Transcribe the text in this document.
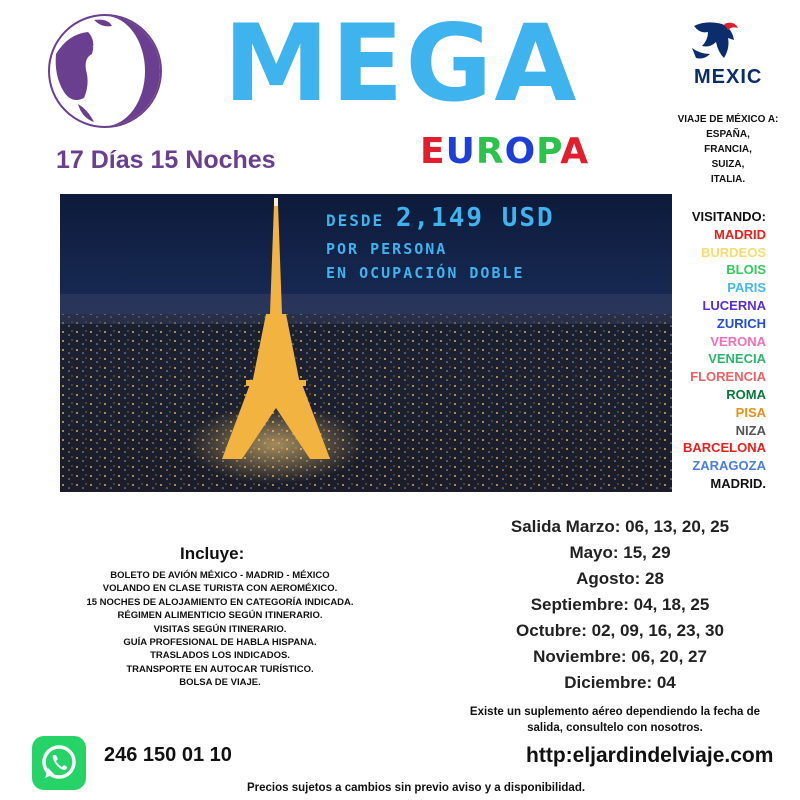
Jardín
del
Viaje MEGA
EUROPA
17 Días 15 Noches
MEXIC
VIAJE DE MÉXICO A:
ESPAÑA,
FRANCIA,
SUIZA,
ITALIA.
DESDE 2,149 USD
POR PERSONA
EN OCUPACIÓN DOBLE
VISITANDO:
MADRID
BURDEOS
BLOIS
PARIS
LUCERNA
ZURICH
VERONA
VENECIA
FLORENCIA
ROMA
PISA
NIZA
BARCELONA
ZARAGOZA
MADRID.
Incluye:
BOLETO DE AVIÓN MÉXICO - MADRID - MÉXICO
VOLANDO EN CLASE TURISTA CON AEROMÉXICO.
15 NOCHES DE ALOJAMIENTO EN CATEGORÍA INDICADA.
RÉGIMEN ALIMENTICIO SEGÚN ITINERARIO.
VISITAS SEGÚN ITINERARIO.
GUÍA PROFESIONAL DE HABLA HISPANA.
TRASLADOS LOS INDICADOS.
TRANSPORTE EN AUTOCAR TURÍSTICO.
BOLSA DE VIAJE.
Salida Marzo: 06, 13, 20, 25
Mayo: 15, 29
Agosto: 28
Septiembre: 04, 18, 25
Octubre: 02, 09, 16, 23, 30
Noviembre: 06, 20, 27
Diciembre: 04
Existe un suplemento aéreo dependiendo la fecha de
salida, consultelo con nosotros.
246 150 01 10	http:eljardindelviaje.com
Precios sujetos a cambios sin previo aviso y a disponibilidad.
